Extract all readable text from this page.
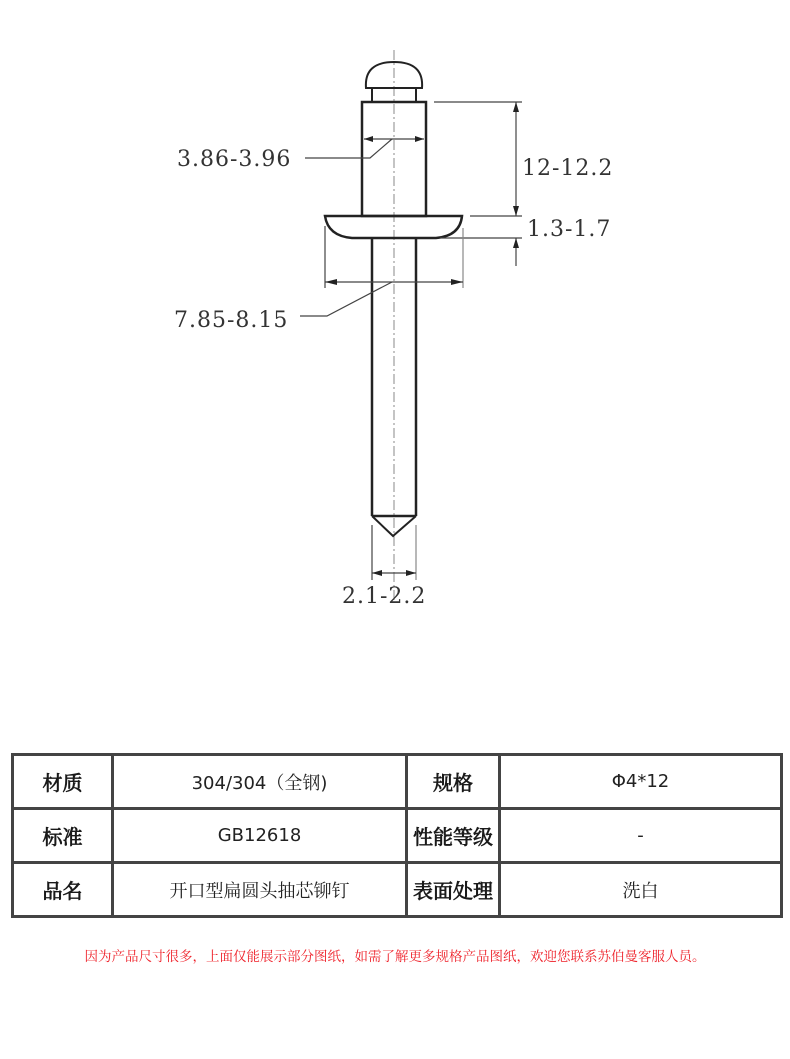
3.86-3.96	12-12.2
1.3-1.7
7.85-8.15
2.1-2.2
材质	304/304（全钢)	规格	Φ4*12
标准	GB12618	性能等级	-
品名	开口型扁圆头抽芯铆钉	表面处理	洗白
因为产品尺寸很多，上面仅能展示部分图纸，如需了解更多规格产品图纸，欢迎您联系苏伯曼客服人员。
